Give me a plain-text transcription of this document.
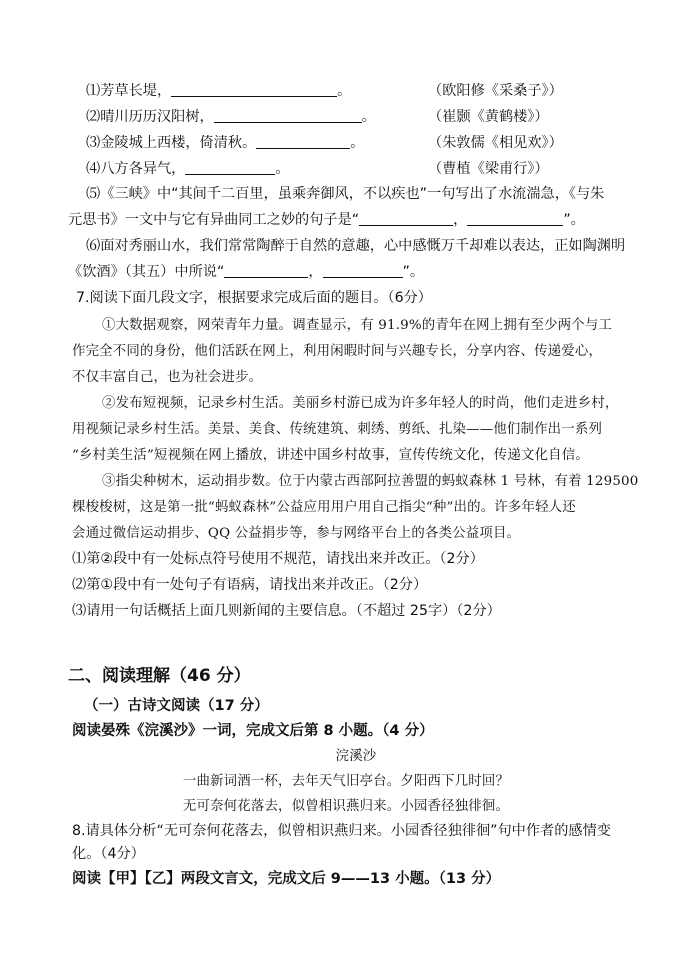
⑴芳草长堤，	。	（欧阳修《采桑子》）
⑵晴川历历汉阳树，	。	（崔颢《黄鹤楼》）
⑶金陵城上西楼，倚清秋。	。	（朱敦儒《相见欢》）
⑷八方各异气，	。	（曹植《梁甫行》）
⑸《三峡》中“其间千二百里，虽乘奔御风，不以疾也”一句写出了水流湍急，《与朱
元思书》一文中与它有异曲同工之妙的句子是“	，	”。
⑹面对秀丽山水，我们常常陶醉于自然的意趣，心中感慨万千却难以表达，正如陶渊明
《饮酒》（其五）中所说“	，	”。
7.阅读下面几段文字，根据要求完成后面的题目。（6分）
①大数据观察，网荣青年力量。调查显示，有 91.9%的青年在网上拥有至少两个与工
作完全不同的身份，他们活跃在网上，利用闲暇时间与兴趣专长，分享内容、传递爱心，
不仅丰富自己，也为社会进步。
②发布短视频，记录乡村生活。美丽乡村游已成为许多年轻人的时尚，他们走进乡村，
用视频记录乡村生活。美景、美食、传统建筑、刺绣、剪纸、扎染——他们制作出一系列
“乡村美生活”短视频在网上播放，讲述中国乡村故事，宣传传统文化，传递文化自信。
③指尖种树木，运动捐步数。位于内蒙古西部阿拉善盟的蚂蚁森林 1 号林，有着 129500
棵梭梭树，这是第一批“蚂蚁森林”公益应用用户用自己指尖“种”出的。许多年轻人还
会通过微信运动捐步、QQ 公益捐步等，参与网络平台上的各类公益项目。
⑴第②段中有一处标点符号使用不规范，请找出来并改正。（2分）
⑵第①段中有一处句子有语病，请找出来并改正。（2分）
⑶请用一句话概括上面几则新闻的主要信息。（不超过 25字）（2分）
二、阅读理解（46 分）
（一）古诗文阅读（17 分）
阅读晏殊《浣溪沙》一词，完成文后第 8 小题。（4 分）
浣溪沙
一曲新词酒一杯，去年天气旧亭台。夕阳西下几时回？
无可奈何花落去，似曾相识燕归来。小园香径独徘徊。
8.请具体分析“无可奈何花落去，似曾相识燕归来。小园香径独徘徊”句中作者的感情变
化。（4分）
阅读【甲】【乙】两段文言文，完成文后 9——13 小题。（13 分）
